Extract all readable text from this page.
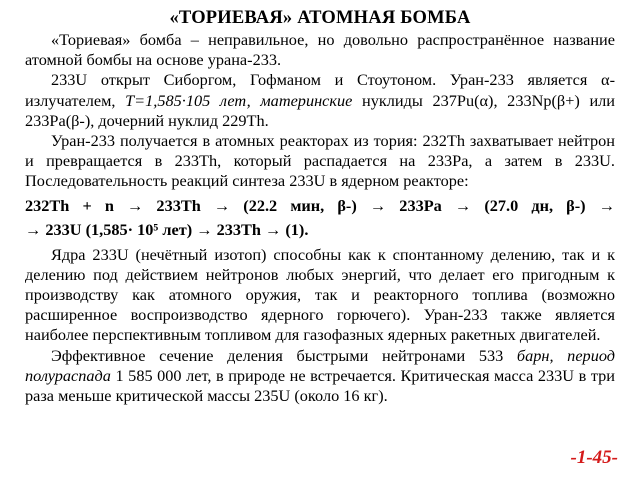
«ТОРИЕВАЯ» АТОМНАЯ БОМБА

«Ториевая» бомба – неправильное, но довольно распространённое название атомной бомбы на основе урана-233.

233U открыт Сиборгом, Гофманом и Стоутоном. Уран-233 является α-излучателем, T=1,585·105 лет, материнские нуклиды 237Pu(α), 233Np(β+) или 233Pa(β-), дочерний нуклид 229Th.

Уран-233 получается в атомных реакторах из тория: 232Th захватывает нейтрон и превращается в 233Th, который распадается на 233Pa, а затем в 233U. Последовательность реакций синтеза 233U в ядерном реакторе:

232Th + n → 233Th → (22.2 мин, β-) → 233Pa → (27.0 дн, β-) →
→ 233U (1,585· 10⁵ лет) → 233Th → (1).

Ядра 233U (нечётный изотоп) способны как к спонтанному делению, так и к делению под действием нейтронов любых энергий, что делает его пригодным к производству как атомного оружия, так и реакторного топлива (возможно расширенное воспроизводство ядерного горючего). Уран-233 также является наиболее перспективным топливом для газофазных ядерных ракетных двигателей.

Эффективное сечение деления быстрыми нейтронами 533 барн, период полураспада 1 585 000 лет, в природе не встречается. Критическая масса 233U в три раза меньше критической массы 235U (около 16 кг).

-1-45-
